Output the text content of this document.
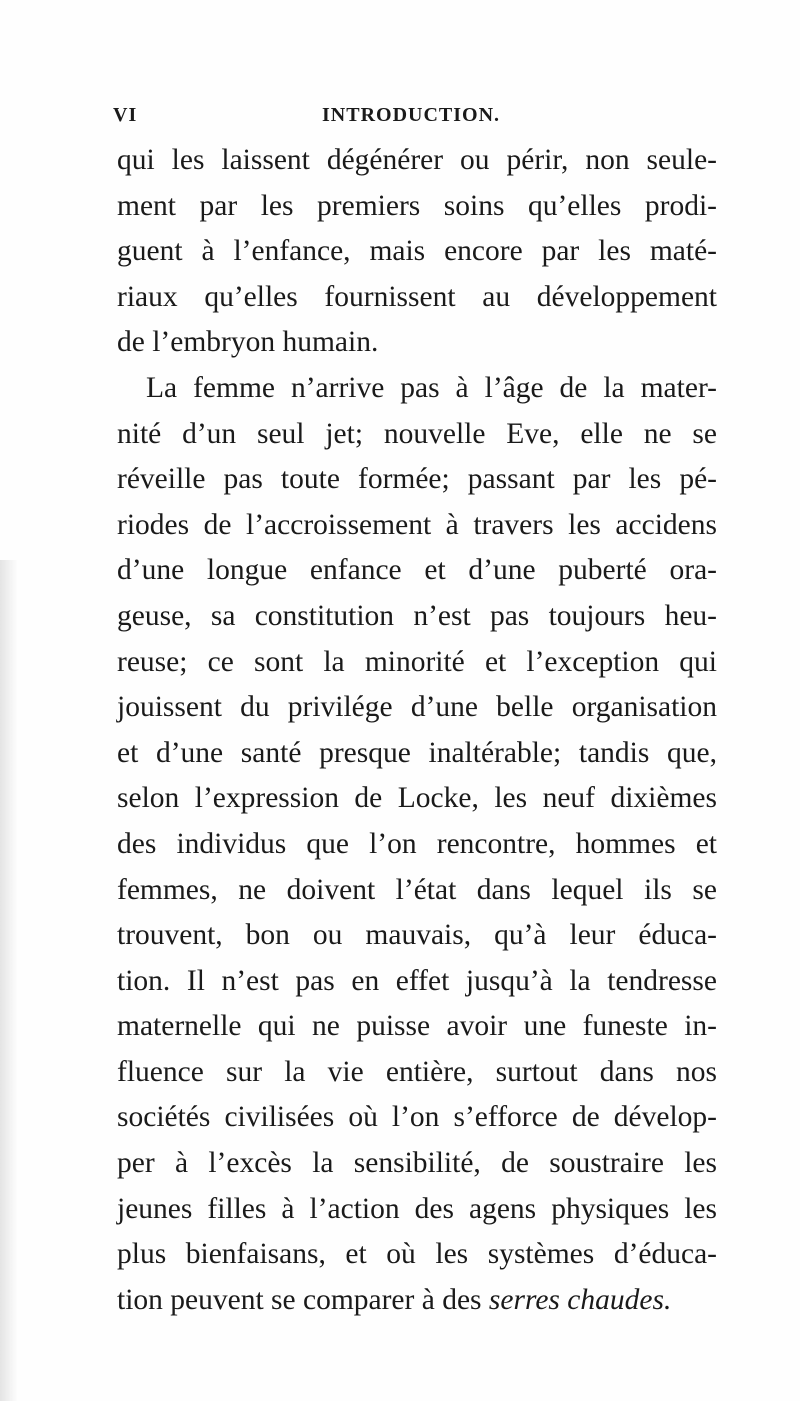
VI	INTRODUCTION.
qui les laissent dégénérer ou périr, non seule-
ment par les premiers soins qu’elles prodi-
guent à l’enfance, mais encore par les maté-
riaux qu’elles fournissent au développement
de l’embryon humain.
La femme n’arrive pas à l’âge de la mater-
nité d’un seul jet; nouvelle Eve, elle ne se
réveille pas toute formée; passant par les pé-
riodes de l’accroissement à travers les accidens
d’une longue enfance et d’une puberté ora-
geuse, sa constitution n’est pas toujours heu-
reuse; ce sont la minorité et l’exception qui
jouissent du privilége d’une belle organisation
et d’une santé presque inaltérable; tandis que,
selon l’expression de Locke, les neuf dixièmes
des individus que l’on rencontre, hommes et
femmes, ne doivent l’état dans lequel ils se
trouvent, bon ou mauvais, qu’à leur éduca-
tion. Il n’est pas en effet jusqu’à la tendresse
maternelle qui ne puisse avoir une funeste in-
fluence sur la vie entière, surtout dans nos
sociétés civilisées où l’on s’efforce de dévelop-
per à l’excès la sensibilité, de soustraire les
jeunes filles à l’action des agens physiques les
plus bienfaisans, et où les systèmes d’éduca-
tion peuvent se comparer à des serres chaudes.
